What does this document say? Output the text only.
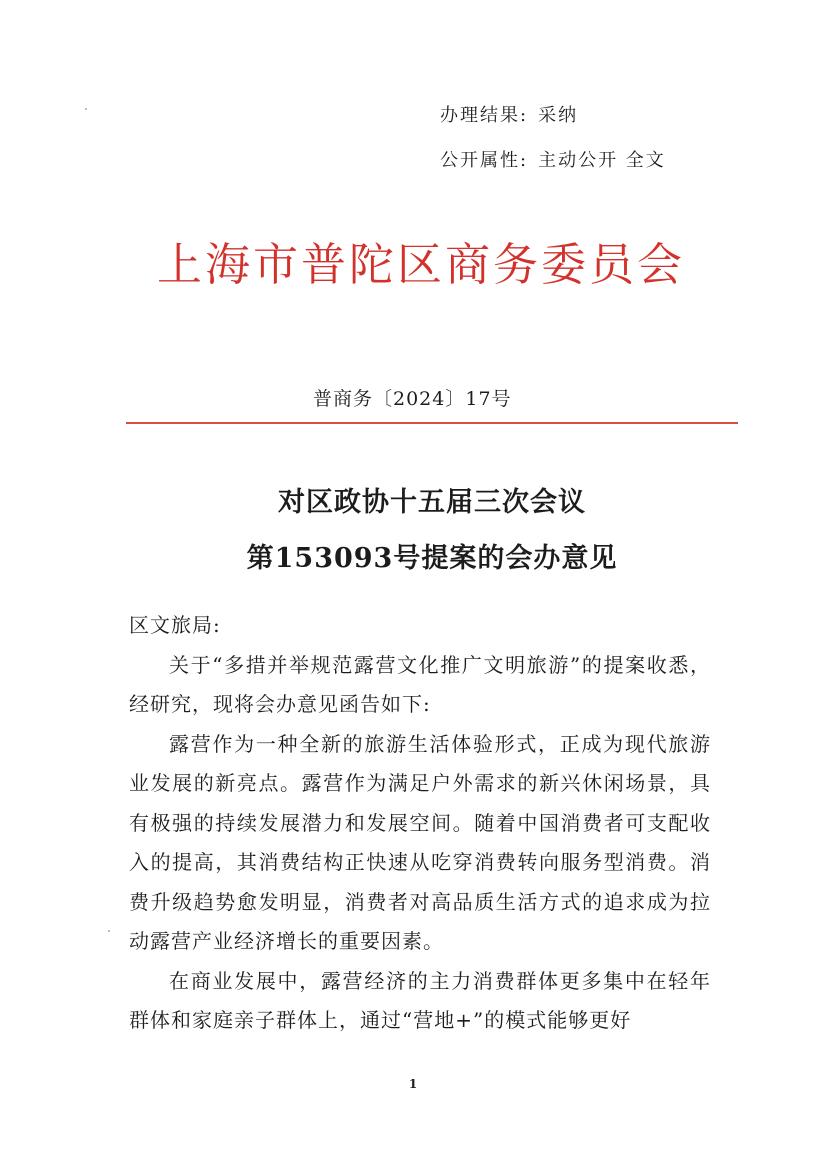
办理结果: 采纳
公开属性: 主动公开 全文
上海市普陀区商务委员会
普商务〔2024〕17号
对区政协十五届三次会议
第153093号提案的会办意见

区文旅局:

关于“多措并举规范露营文化推广文明旅游”的提案收悉，经研究，现将会办意见函告如下:

露营作为一种全新的旅游生活体验形式，正成为现代旅游业发展的新亮点。露营作为满足户外需求的新兴休闲场景，具有极强的持续发展潜力和发展空间。随着中国消费者可支配收入的提高，其消费结构正快速从吃穿消费转向服务型消费。消费升级趋势愈发明显，消费者对高品质生活方式的追求成为拉动露营产业经济增长的重要因素。

在商业发展中，露营经济的主力消费群体更多集中在轻年群体和家庭亲子群体上，通过“营地+”的模式能够更好

1
